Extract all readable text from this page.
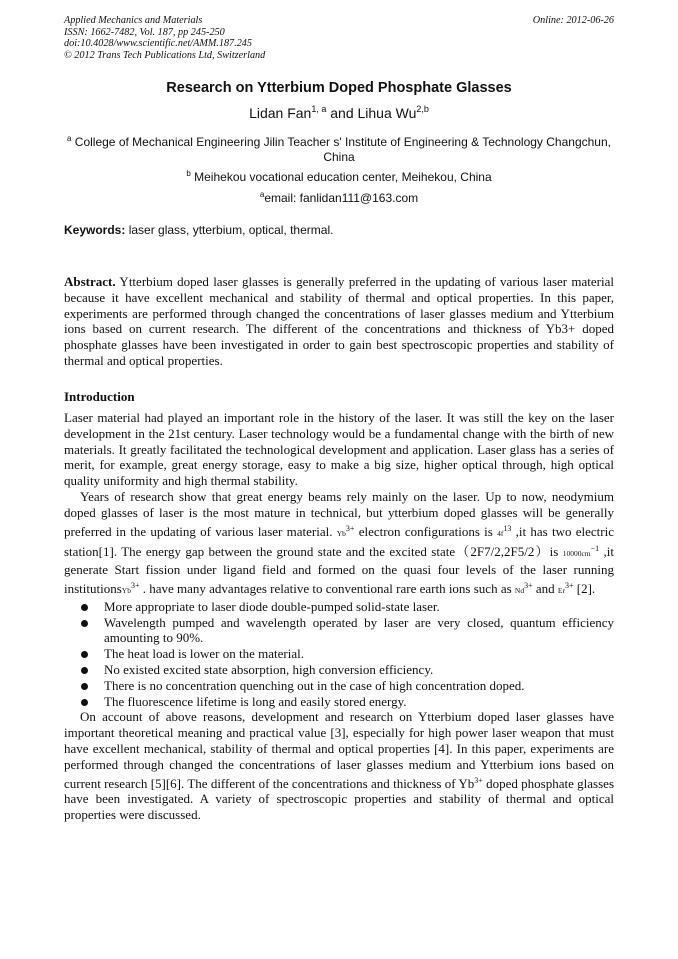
Applied Mechanics and Materials
ISSN: 1662-7482, Vol. 187, pp 245-250
doi:10.4028/www.scientific.net/AMM.187.245
© 2012 Trans Tech Publications Ltd, Switzerland
Online: 2012-06-26
Research on Ytterbium Doped Phosphate Glasses
Lidan Fan$^{1, a}$ and Lihua Wu$^{2,b}$
$^a$ College of Mechanical Engineering Jilin Teacher s' Institute of Engineering & Technology Changchun, China
$^b$ Meihekou vocational education center, Meihekou, China
$^a$email: fanlidan111@163.com
Keywords: laser glass, ytterbium, optical, thermal.
Abstract. Ytterbium doped laser glasses is generally preferred in the updating of various laser material because it have excellent mechanical and stability of thermal and optical properties. In this paper, experiments are performed through changed the concentrations of laser glasses medium and Ytterbium ions based on current research. The different of the concentrations and thickness of Yb3+ doped phosphate glasses have been investigated in order to gain best spectroscopic properties and stability of thermal and optical properties.
Introduction

Laser material had played an important role in the history of the laser. It was still the key on the laser development in the 21st century. Laser technology would be a fundamental change with the birth of new materials. It greatly facilitated the technological development and application. Laser glass has a series of merit, for example, great energy storage, easy to make a big size, higher optical through, high optical quality uniformity and high thermal stability.

Years of research show that great energy beams rely mainly on the laser. Up to now, neodymium doped glasses of laser is the most mature in technical, but ytterbium doped glasses will be generally preferred in the updating of various laser material. $Yb^{3+}$ electron configurations is $4f^{13}$ ,it has two electric station[1]. The energy gap between the ground state and the excited state（2F7/2,2F5/2）is $10000cm^{-1}$ ,it generate Start fission under ligand field and formed on the quasi four levels of the laser running institutionsYb$^{3+}$ . have many advantages relative to conventional rare earth ions such as $Nd^{3+}$ and $Er^{3+}$ [2].

More appropriate to laser diode double-pumped solid-state laser.
Wavelength pumped and wavelength operated by laser are very closed, quantum efficiency amounting to 90%.
The heat load is lower on the material.
No existed excited state absorption, high conversion efficiency.
There is no concentration quenching out in the case of high concentration doped.
The fluorescence lifetime is long and easily stored energy.

On account of above reasons, development and research on Ytterbium doped laser glasses have important theoretical meaning and practical value [3], especially for high power laser weapon that must have excellent mechanical, stability of thermal and optical properties [4]. In this paper, experiments are performed through changed the concentrations of laser glasses medium and Ytterbium ions based on current research [5][6]. The different of the concentrations and thickness of $Yb^{3+}$ doped phosphate glasses have been investigated. A variety of spectroscopic properties and stability of thermal and optical properties were discussed.
